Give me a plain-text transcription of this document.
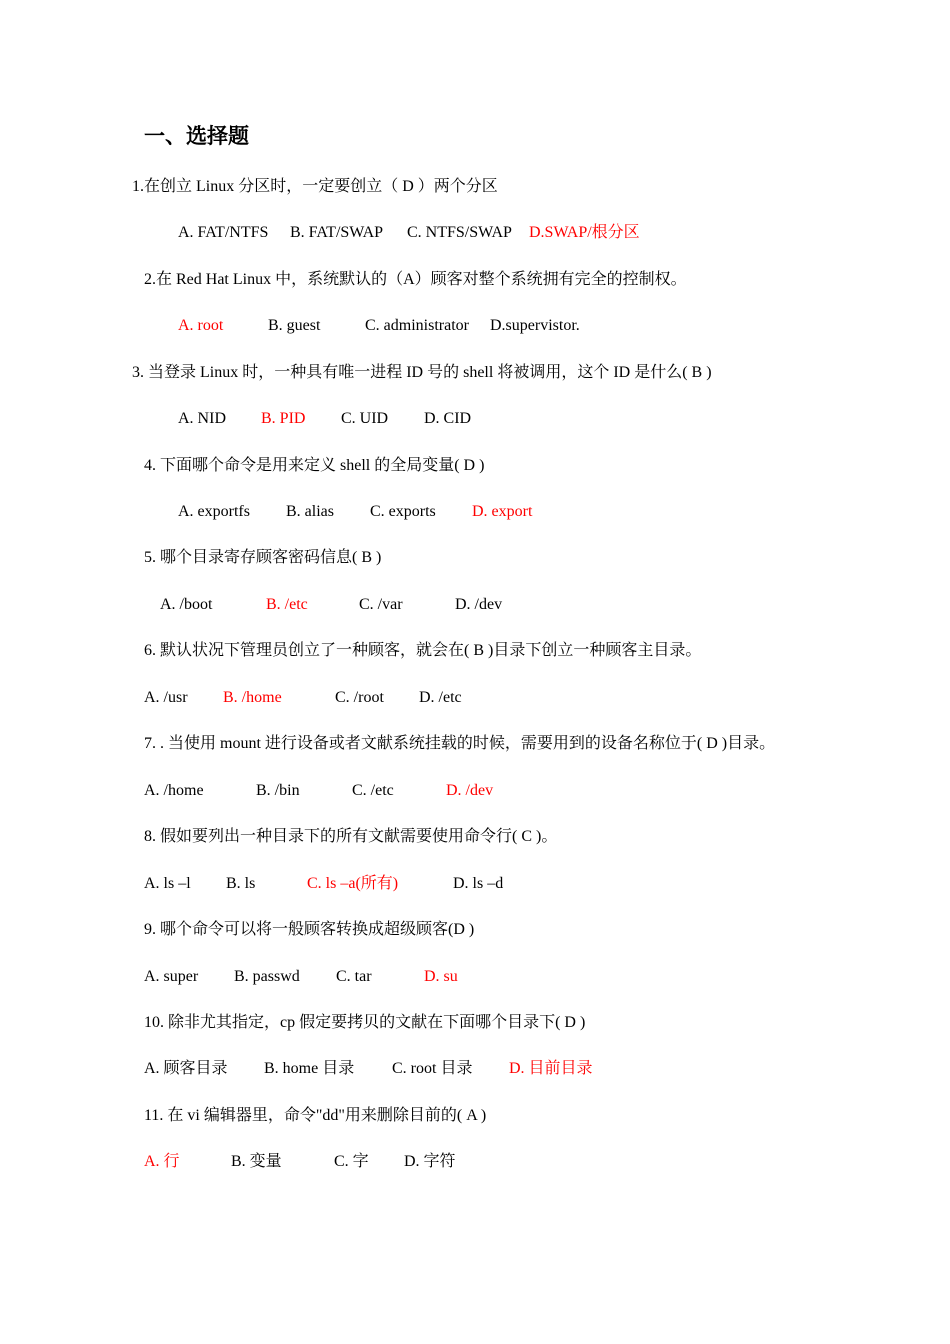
一、选择题
1.在创立 Linux 分区时，一定要创立（ D ）两个分区
A. FAT/NTFS B. FAT/SWAP C. NTFS/SWAP D.SWAP/根分区
2.在 Red Hat Linux 中，系统默认的（A）顾客对整个系统拥有完全的控制权。
A. root	B. guest	C. administrator D.supervistor.
3. 当登录 Linux 时，一种具有唯一进程 ID 号的 shell 将被调用，这个 ID 是什么( B )
A. NID B. PID C. UID D. CID
4. 下面哪个命令是用来定义 shell 的全局变量( D )
A. exportfs B. alias C. exports D. export
5. 哪个目录寄存顾客密码信息( B )
A. /boot	B. /etc	C. /var	D. /dev
6. 默认状况下管理员创立了一种顾客，就会在( B )目录下创立一种顾客主目录。
A. /usr B. /home	C. /root D. /etc
7. . 当使用 mount 进行设备或者文献系统挂载的时候，需要用到的设备名称位于( D )目录。
A. /home	B. /bin	C. /etc	D. /dev
8. 假如要列出一种目录下的所有文献需要使用命令行( C )。
A. ls –l B. ls	C. ls –a(所有)	D. ls –d
9. 哪个命令可以将一般顾客转换成超级顾客(D )
A. super B. passwd C. tar	D. su
10. 除非尤其指定，cp 假定要拷贝的文献在下面哪个目录下( D )
A. 顾客目录 B. home 目录 C. root 目录 D. 目前目录
11. 在 vi 编辑器里，命令"dd"用来删除目前的( A )
A. 行	B. 变量	C. 字 D. 字符
